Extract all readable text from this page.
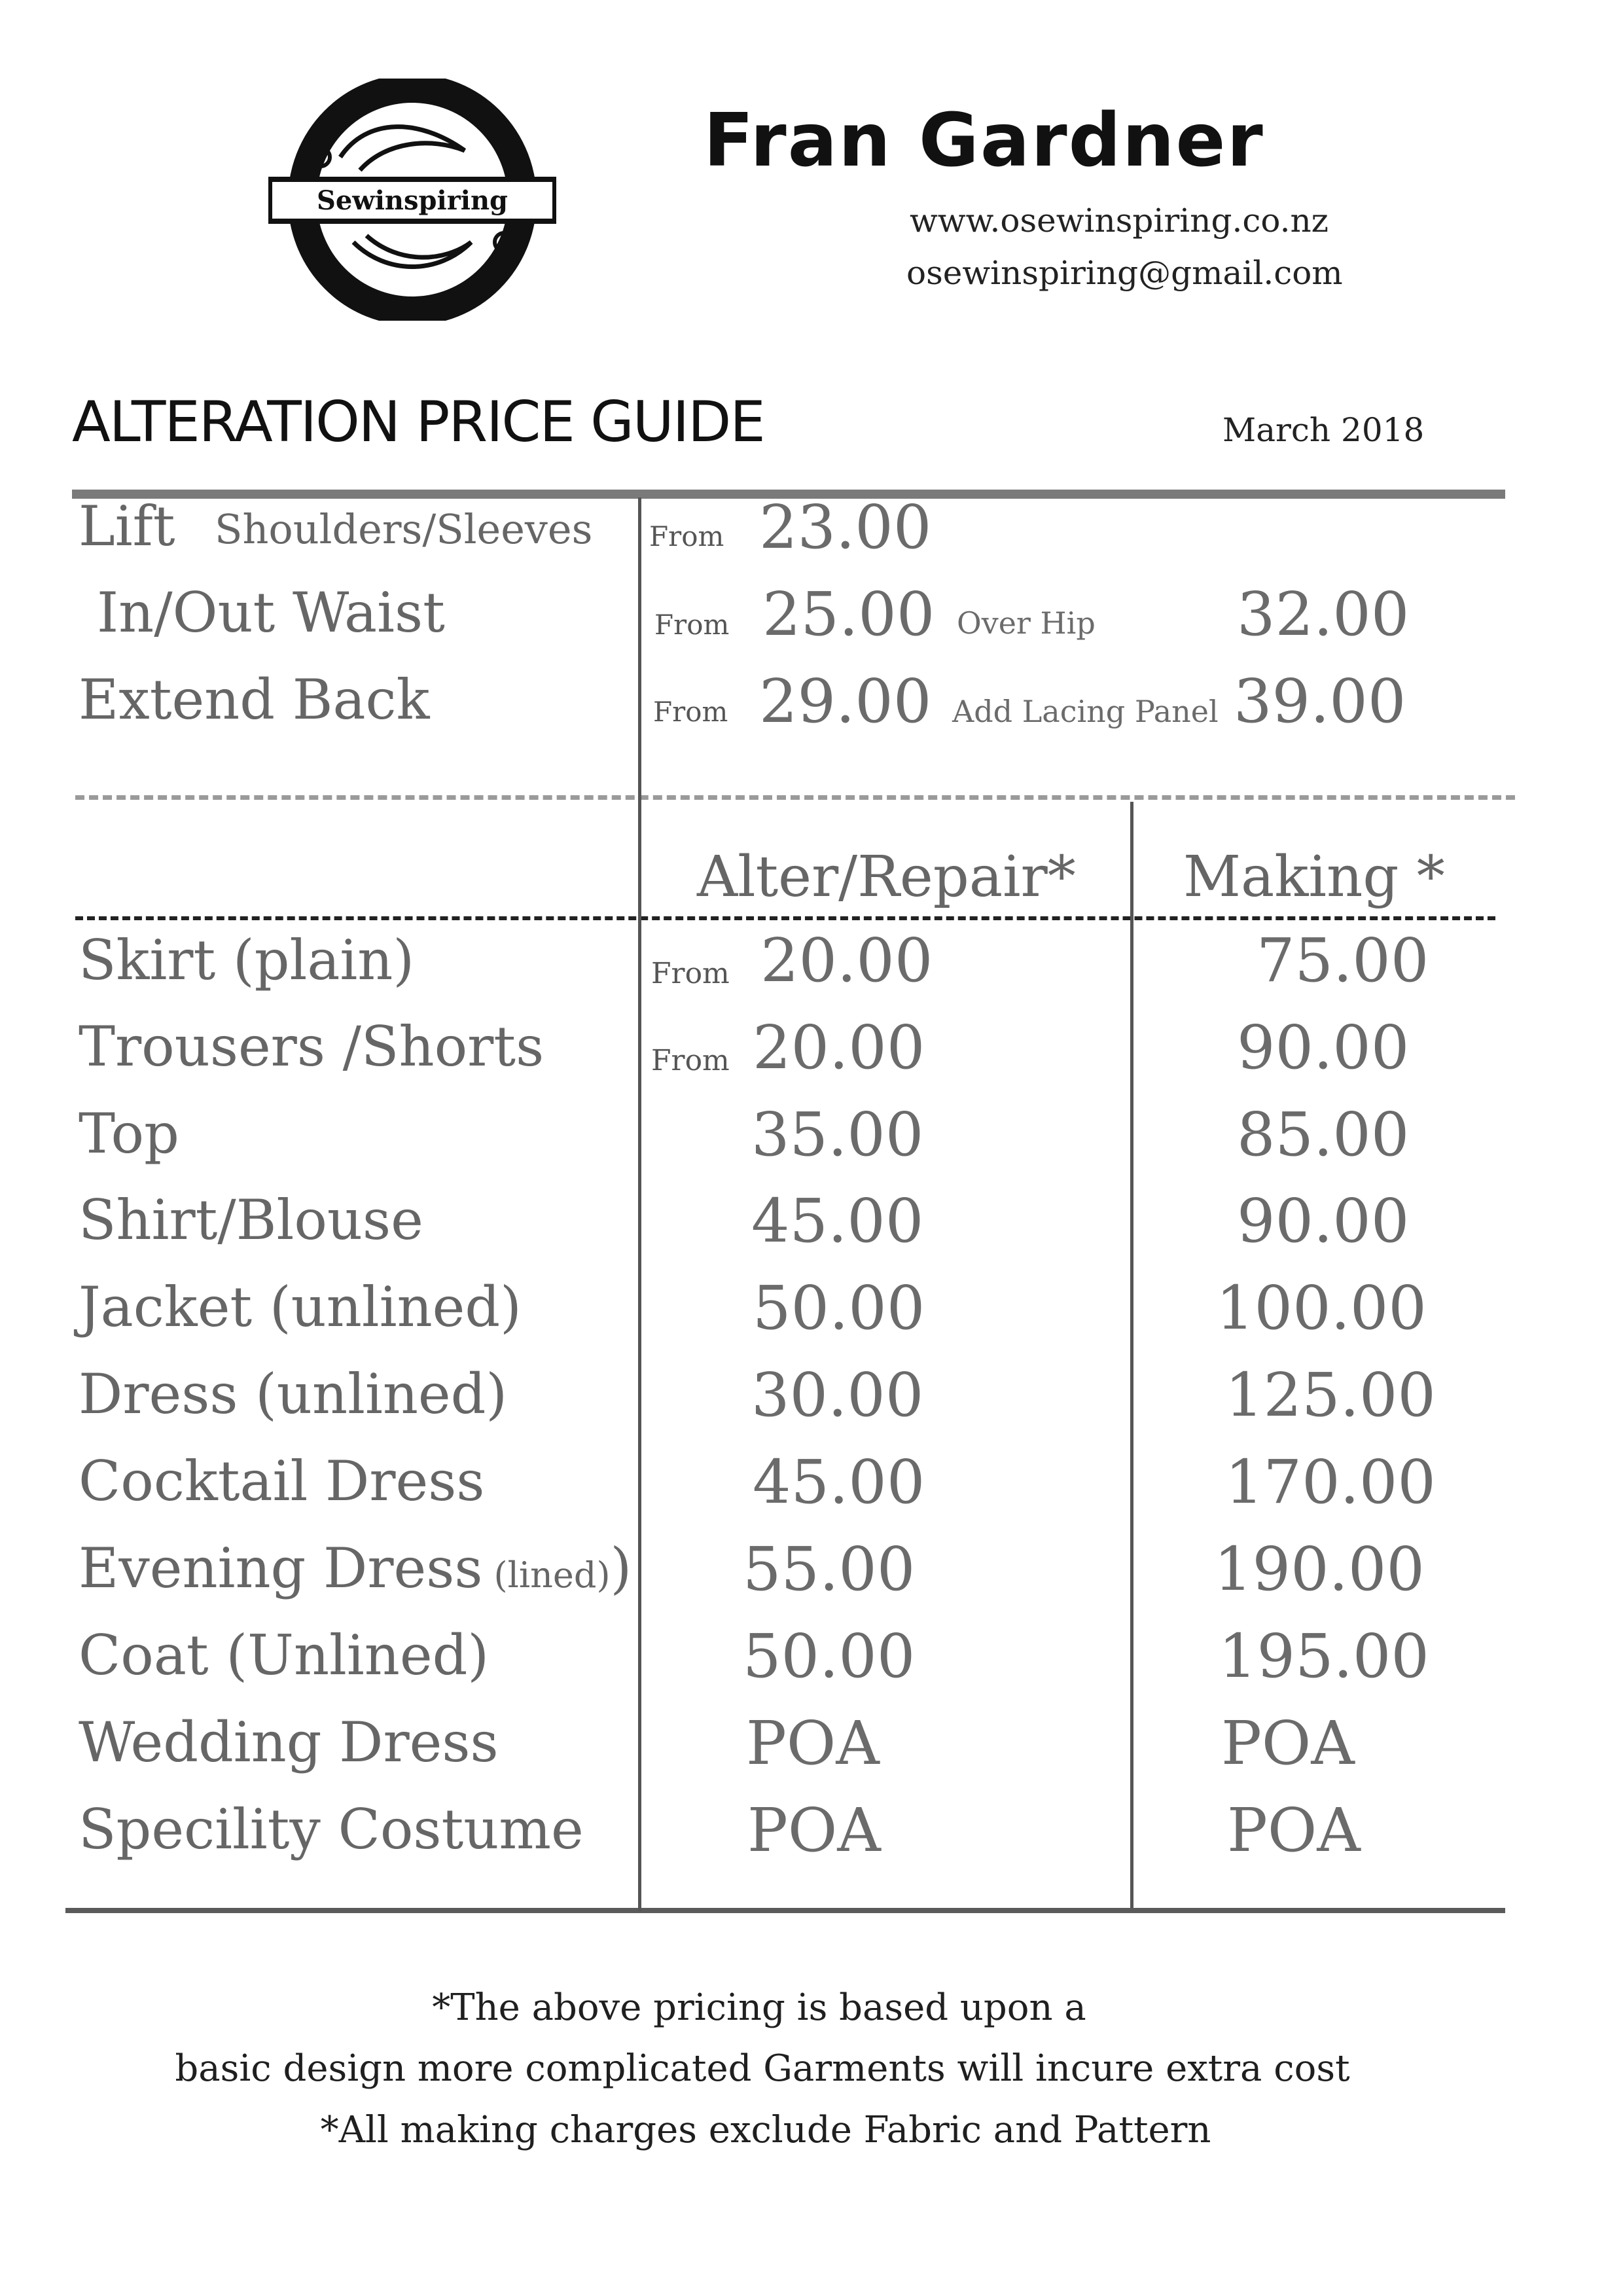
Sewinspiring
Fran Gardner
www.osewinspiring.co.nz
osewinspiring@gmail.com
ALTERATION PRICE GUIDE	March 2018
Lift Shoulders/Sleeves From 23.00
In/Out Waist	From 25.00 Over Hip 32.00
Extend Back	From 29.00 Add Lacing Panel 39.00
Alter/Repair* Making *
Skirt (plain)	From 20.00	75.00
Trousers /Shorts	From 20.00	90.00
Top	35.00	85.00
Shirt/Blouse	45.00	90.00
Jacket (unlined)	50.00	100.00
Dress (unlined)	30.00	125.00
Cocktail Dress	45.00	170.00
Evening Dress (lined)) 55.00	190.00
Coat (Unlined)	50.00	195.00
Wedding Dress	POA	POA
Specility Costume	POA	POA
*The above pricing is based upon a
basic design more complicated Garments will incure extra cost
*All making charges exclude Fabric and Pattern
